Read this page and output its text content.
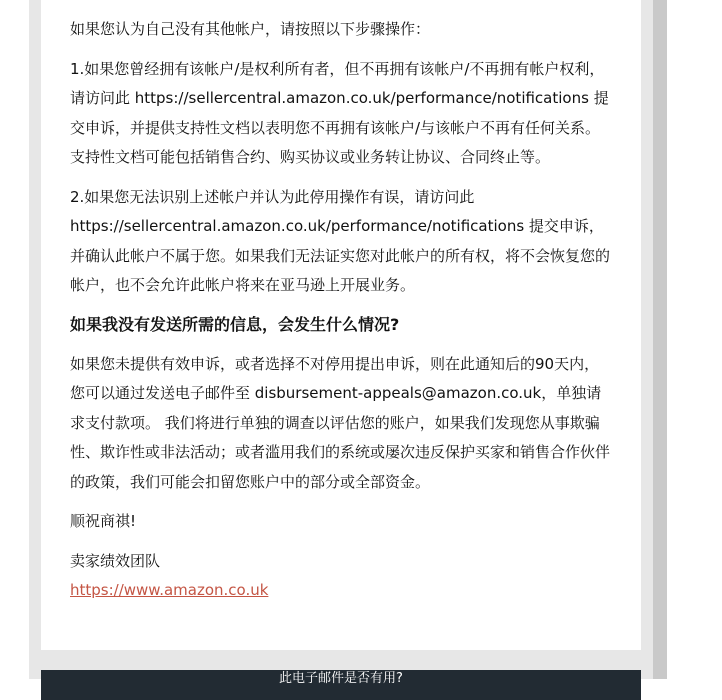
如果您认为自己没有其他帐户，请按照以下步骤操作：

1.如果您曾经拥有该帐户/是权利所有者，但不再拥有该帐户/不再拥有帐户权利，请访问此 https://sellercentral.amazon.co.uk/performance/notifications 提交申诉，并提供支持性文档以表明您不再拥有该帐户/与该帐户不再有任何关系。支持性文档可能包括销售合约、购买协议或业务转让协议、合同终止等。

2.如果您无法识别上述帐户并认为此停用操作有误，请访问此 https://sellercentral.amazon.co.uk/performance/notifications 提交申诉，并确认此帐户不属于您。如果我们无法证实您对此帐户的所有权，将不会恢复您的帐户，也不会允许此帐户将来在亚马逊上开展业务。

如果我没有发送所需的信息，会发生什么情况?

如果您未提供有效申诉，或者选择不对停用提出申诉，则在此通知后的90天内，您可以通过发送电子邮件至 disbursement-appeals@amazon.co.uk，单独请求支付款项。 我们将进行单独的调查以评估您的账户，如果我们发现您从事欺骗性、欺诈性或非法活动；或者滥用我们的系统或屡次违反保护买家和销售合作伙伴的政策，我们可能会扣留您账户中的部分或全部资金。

顺祝商祺!

卖家绩效团队

https://www.amazon.co.uk
此电子邮件是否有用?
